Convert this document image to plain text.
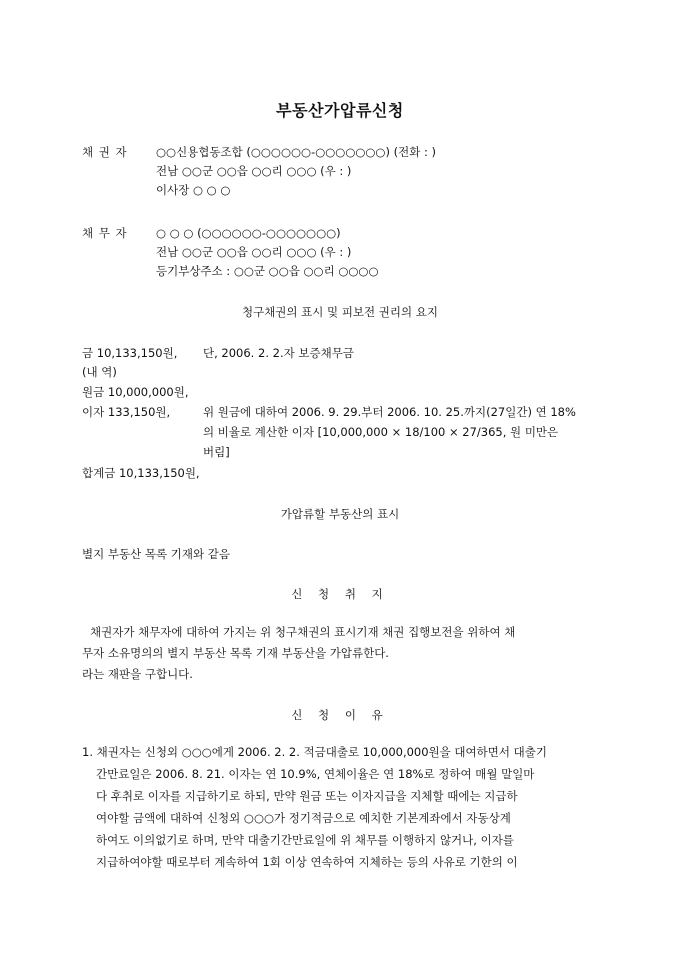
부동산가압류신청
채 권 자 ○○신용협동조합 (○○○○○○-○○○○○○○) (전화 : )
전남 ○○군 ○○읍 ○○리 ○○○ (우 : )
이사장 ○ ○ ○
채 무 자 ○ ○ ○ (○○○○○○-○○○○○○○)
전남 ○○군 ○○읍 ○○리 ○○○ (우 : )
등기부상주소 : ○○군 ○○읍 ○○리 ○○○○
청구채권의 표시 및 피보전 권리의 요지
금 10,133,150원, 단, 2006. 2. 2.자 보증채무금
(내 역)
원금 10,000,000원,
이자 133,150원,	위 원금에 대하여 2006. 9. 29.부터 2006. 10. 25.까지(27일간) 연 18%
의 비율로 계산한 이자 [10,000,000 × 18/100 × 27/365, 원 미만은
버림]
합계금 10,133,150원,
가압류할 부동산의 표시
별지 부동산 목록 기재와 같음
신 청 취 지
채권자가 채무자에 대하여 가지는 위 청구채권의 표시기재 채권 집행보전을 위하여 채
무자 소유명의의 별지 부동산 목록 기재 부동산을 가압류한다.
라는 재판을 구합니다.
신 청 이 유
1. 채권자는 신청외 ○○○에게 2006. 2. 2. 적금대출로 10,000,000원을 대여하면서 대출기
간만료일은 2006. 8. 21. 이자는 연 10.9%, 연체이율은 연 18%로 정하여 매월 말일마
다 후취로 이자를 지급하기로 하되, 만약 원금 또는 이자지급을 지체할 때에는 지급하
여야할 금액에 대하여 신청외 ○○○가 정기적금으로 예치한 기본계좌에서 자동상계
하여도 이의없기로 하며, 만약 대출기간만료일에 위 채무를 이행하지 않거나, 이자를
지급하여야할 때로부터 계속하여 1회 이상 연속하여 지체하는 등의 사유로 기한의 이
